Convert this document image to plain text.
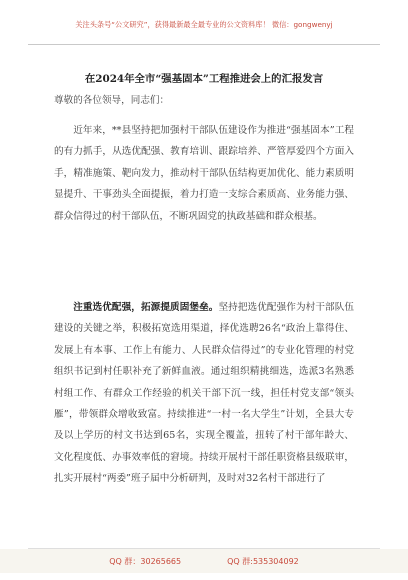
关注头条号“公文研究”，获得最新最全最专业的公文资料库！ 微信：gongwenyj
在2024年全市“强基固本”工程推进会上的汇报发言
尊敬的各位领导，同志们：
近年来，**县坚持把加强村干部队伍建设作为推进“强基固本”工程的有力抓手，从选优配强、教育培训、跟踪培养、严管厚爱四个方面入手，精准施策、靶向发力，推动村干部队伍结构更加优化、能力素质明显提升、干事劲头全面提振，着力打造一支综合素质高、业务能力强、群众信得过的村干部队伍，不断巩固党的执政基础和群众根基。
注重选优配强，拓源提质固堡垒。坚持把选优配强作为村干部队伍建设的关键之举，积极拓宽选用渠道，择优选聘26名“政治上靠得住、发展上有本事、工作上有能力、人民群众信得过”的专业化管理的村党组织书记到村任职补充了新鲜血液。通过组织精挑细选，选派3名熟悉村组工作、有群众工作经验的机关干部下沉一线，担任村党支部“领头雁”，带领群众增收致富。持续推进“一村一名大学生”计划，全县大专及以上学历的村文书达到65名，实现全覆盖，扭转了村干部年龄大、文化程度低、办事效率低的窘境。持续开展村干部任职资格县级联审，扎实开展村“两委”班子届中分析研判，及时对32名村干部进行了
QQ 群：30265665	QQ 群:535304092
